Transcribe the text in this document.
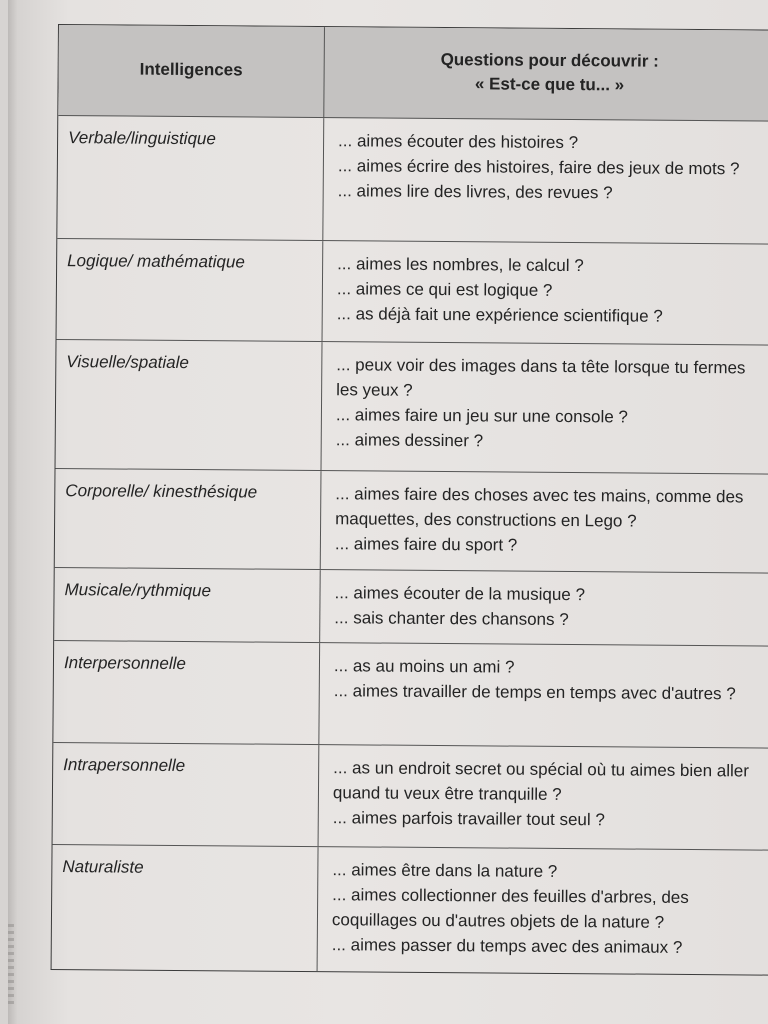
Intelligences	Questions pour découvrir :
« Est-ce que tu... »
Verbale/linguistique	... aimes écouter des histoires ?
... aimes écrire des histoires, faire des jeux de mots ?
... aimes lire des livres, des revues ?
Logique/ mathématique	... aimes les nombres, le calcul ?
... aimes ce qui est logique ?
... as déjà fait une expérience scientifique ?
Visuelle/spatiale	... peux voir des images dans ta tête lorsque tu fermes les yeux ?
... aimes faire un jeu sur une console ?
... aimes dessiner ?
Corporelle/ kinesthésique	... aimes faire des choses avec tes mains, comme des maquettes, des constructions en Lego ?
... aimes faire du sport ?
Musicale/rythmique	... aimes écouter de la musique ?
... sais chanter des chansons ?
Interpersonnelle	... as au moins un ami ?
... aimes travailler de temps en temps avec d'autres ?
Intrapersonnelle	... as un endroit secret ou spécial où tu aimes bien aller quand tu veux être tranquille ?
... aimes parfois travailler tout seul ?
Naturaliste	... aimes être dans la nature ?
... aimes collectionner des feuilles d'arbres, des coquillages ou d'autres objets de la nature ?
... aimes passer du temps avec des animaux ?
